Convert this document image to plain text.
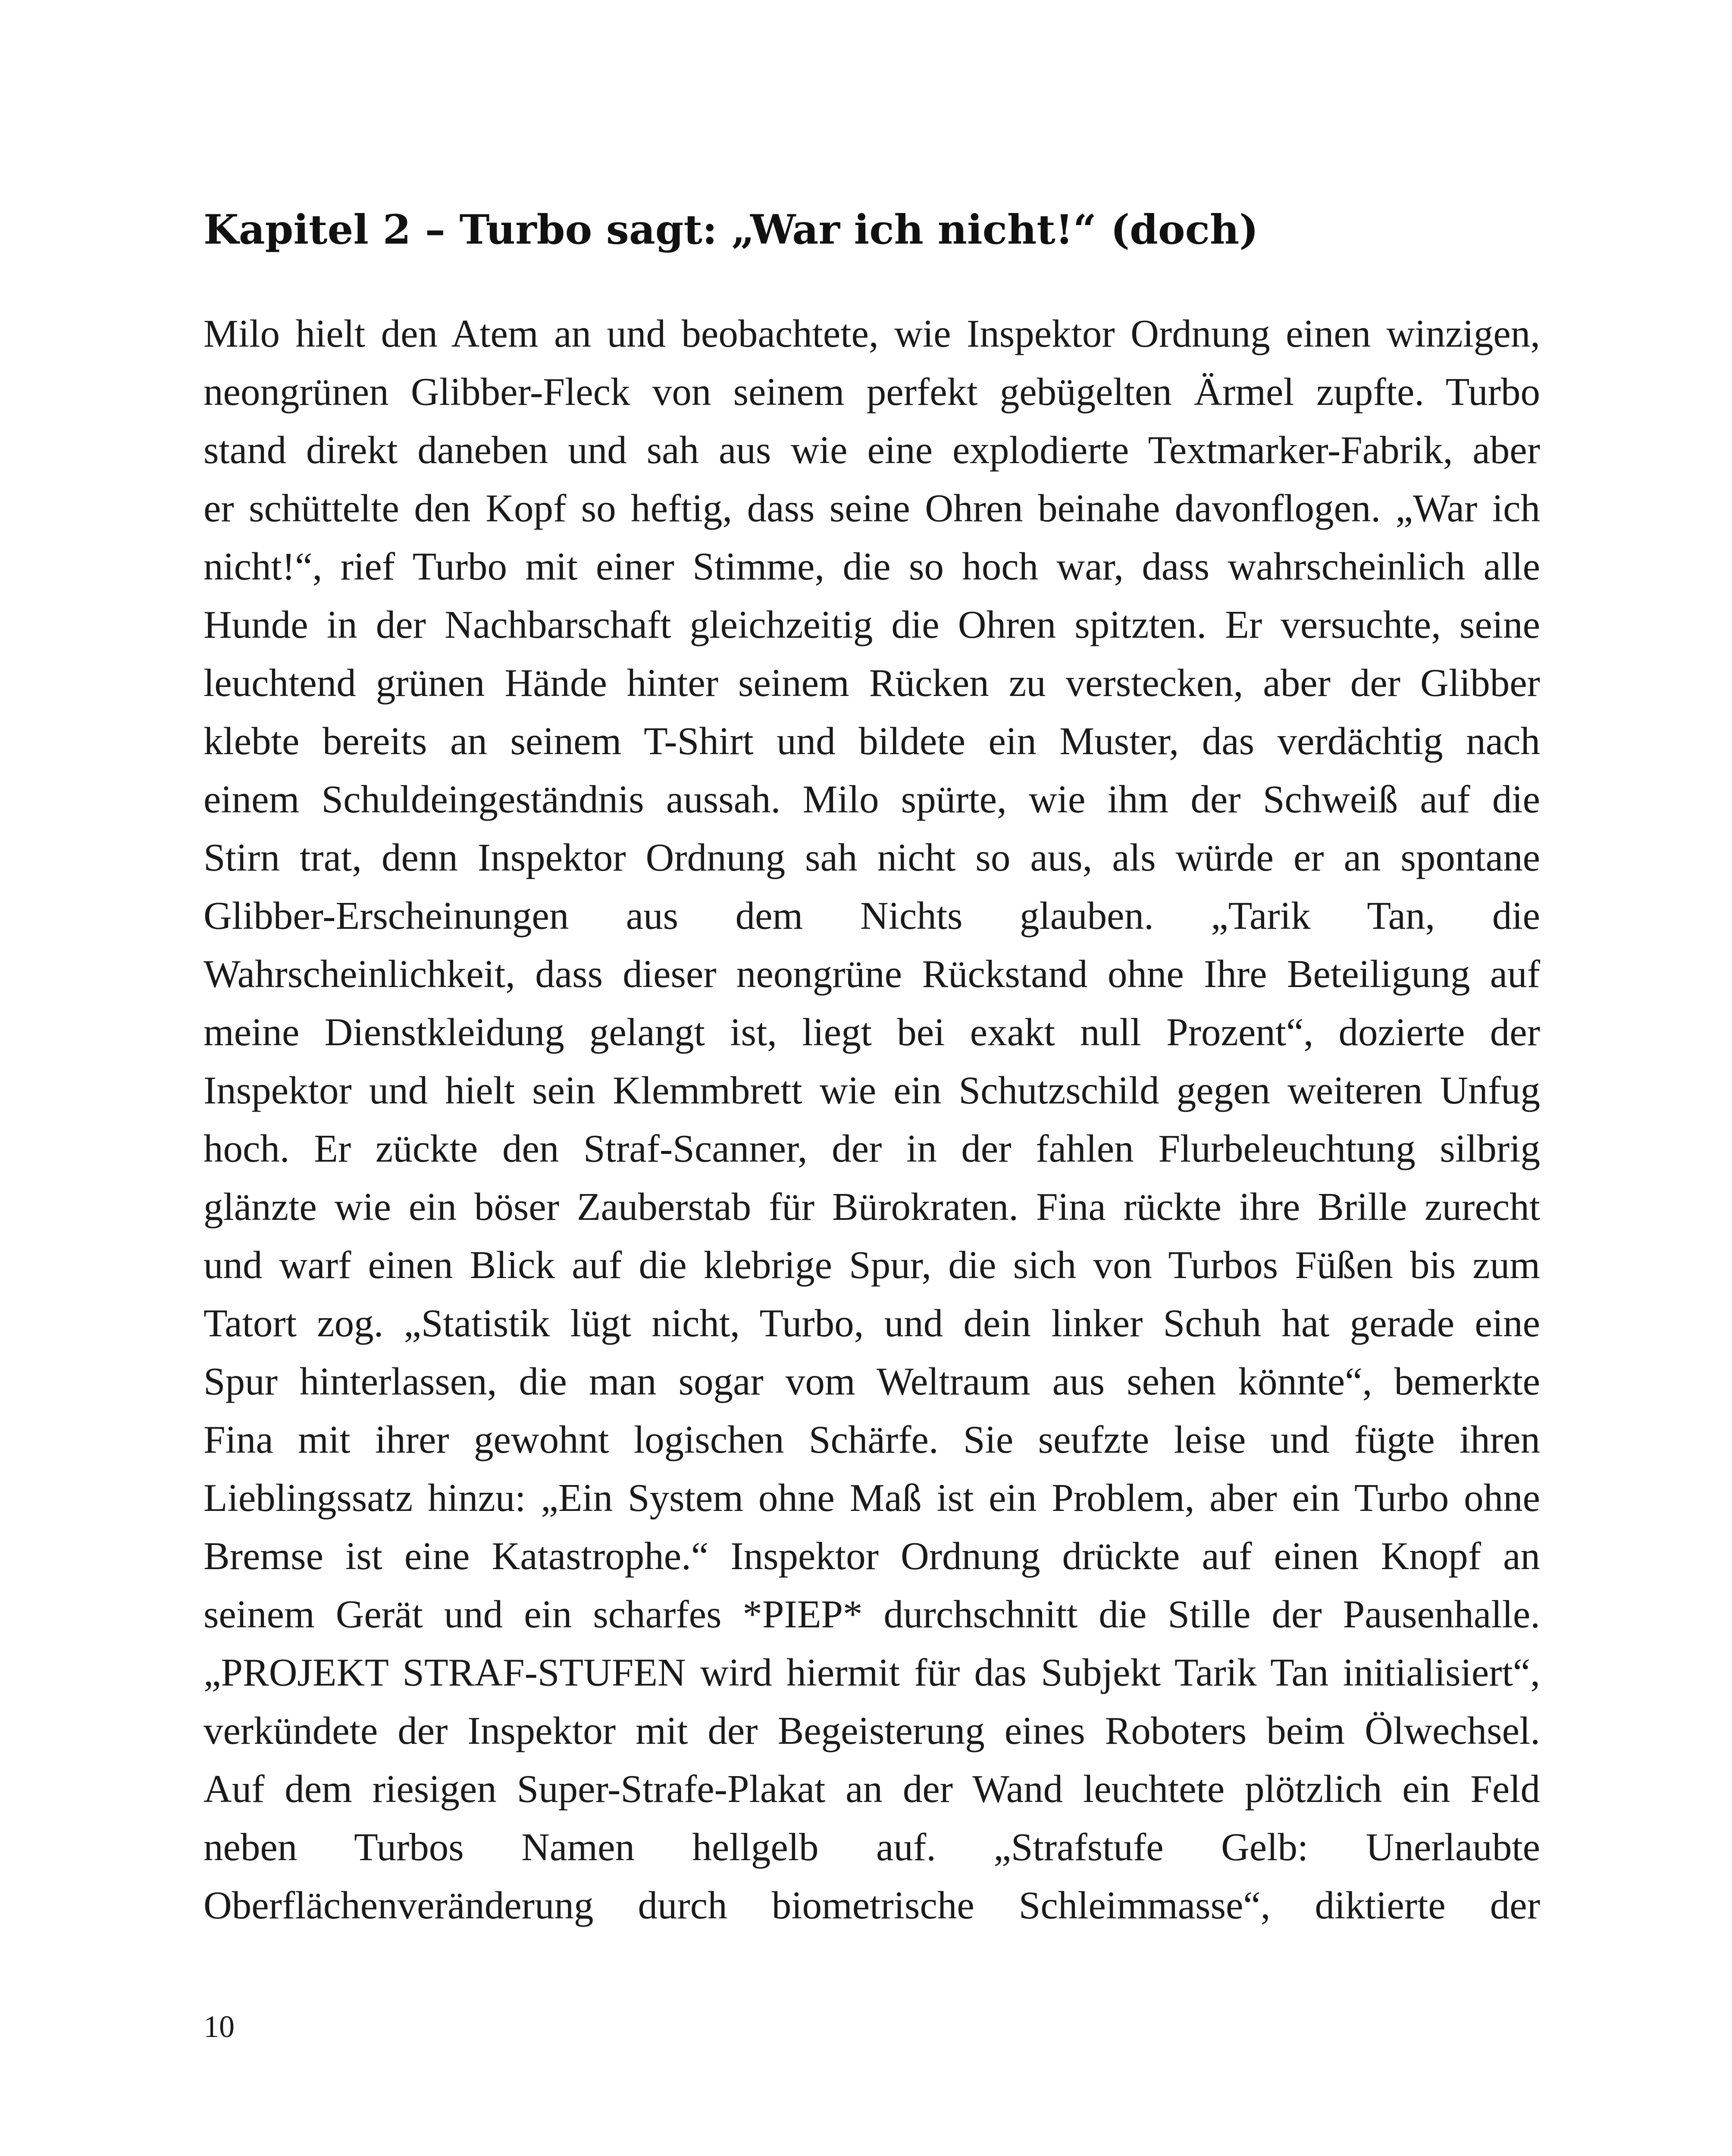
Kapitel 2 – Turbo sagt: „War ich nicht!“ (doch)
Milo hielt den Atem an und beobachtete, wie Inspektor Ordnung einen winzigen,
neongrünen Glibber-Fleck von seinem perfekt gebügelten Ärmel zupfte. Turbo
stand direkt daneben und sah aus wie eine explodierte Textmarker-Fabrik, aber
er schüttelte den Kopf so heftig, dass seine Ohren beinahe davonflogen. „War ich
nicht!“, rief Turbo mit einer Stimme, die so hoch war, dass wahrscheinlich alle
Hunde in der Nachbarschaft gleichzeitig die Ohren spitzten. Er versuchte, seine
leuchtend grünen Hände hinter seinem Rücken zu verstecken, aber der Glibber
klebte bereits an seinem T-Shirt und bildete ein Muster, das verdächtig nach
einem Schuldeingeständnis aussah. Milo spürte, wie ihm der Schweiß auf die
Stirn trat, denn Inspektor Ordnung sah nicht so aus, als würde er an spontane
Glibber-Erscheinungen aus dem Nichts glauben. „Tarik Tan, die
Wahrscheinlichkeit, dass dieser neongrüne Rückstand ohne Ihre Beteiligung auf
meine Dienstkleidung gelangt ist, liegt bei exakt null Prozent“, dozierte der
Inspektor und hielt sein Klemmbrett wie ein Schutzschild gegen weiteren Unfug
hoch. Er zückte den Straf-Scanner, der in der fahlen Flurbeleuchtung silbrig
glänzte wie ein böser Zauberstab für Bürokraten. Fina rückte ihre Brille zurecht
und warf einen Blick auf die klebrige Spur, die sich von Turbos Füßen bis zum
Tatort zog. „Statistik lügt nicht, Turbo, und dein linker Schuh hat gerade eine
Spur hinterlassen, die man sogar vom Weltraum aus sehen könnte“, bemerkte
Fina mit ihrer gewohnt logischen Schärfe. Sie seufzte leise und fügte ihren
Lieblingssatz hinzu: „Ein System ohne Maß ist ein Problem, aber ein Turbo ohne
Bremse ist eine Katastrophe.“ Inspektor Ordnung drückte auf einen Knopf an
seinem Gerät und ein scharfes *PIEP* durchschnitt die Stille der Pausenhalle.
„PROJEKT STRAF-STUFEN wird hiermit für das Subjekt Tarik Tan initialisiert“,
verkündete der Inspektor mit der Begeisterung eines Roboters beim Ölwechsel.
Auf dem riesigen Super-Strafe-Plakat an der Wand leuchtete plötzlich ein Feld
neben Turbos Namen hellgelb auf. „Strafstufe Gelb: Unerlaubte
Oberflächenveränderung durch biometrische Schleimmasse“, diktierte der
10
